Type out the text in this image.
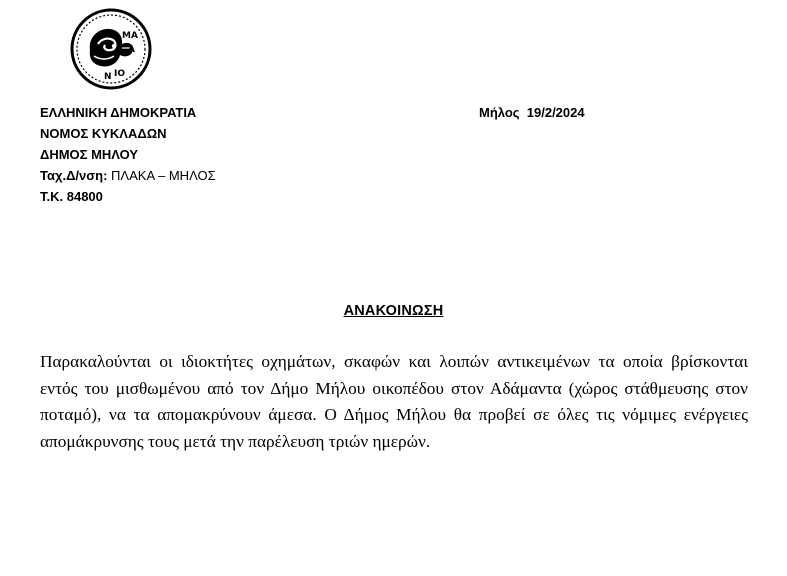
ΜΑ
Λ
ΙΟ
Ν
ΕΛΛΗΝΙΚΗ ΔΗΜΟΚΡΑΤΙΑ
ΝΟΜΟΣ ΚΥΚΛΑΔΩΝ
ΔΗΜΟΣ ΜΗΛΟΥ
Ταχ.Δ/νση: ΠΛΑΚΑ – ΜΗΛΟΣ
Τ.Κ. 84800
Μήλος  19/2/2024
ΑΝΑΚΟΙΝΩΣΗ
Παρακαλούνται οι ιδιοκτήτες οχημάτων, σκαφών και λοιπών αντικειμένων τα οποία βρίσκονται εντός του μισθωμένου από τον Δήμο Μήλου οικοπέδου στον Αδάμαντα (χώρος στάθμευσης στον ποταμό), να τα απομακρύνουν άμεσα. Ο Δήμος Μήλου θα προβεί σε όλες τις νόμιμες ενέργειες απομάκρυνσης τους μετά την παρέλευση τριών ημερών.
